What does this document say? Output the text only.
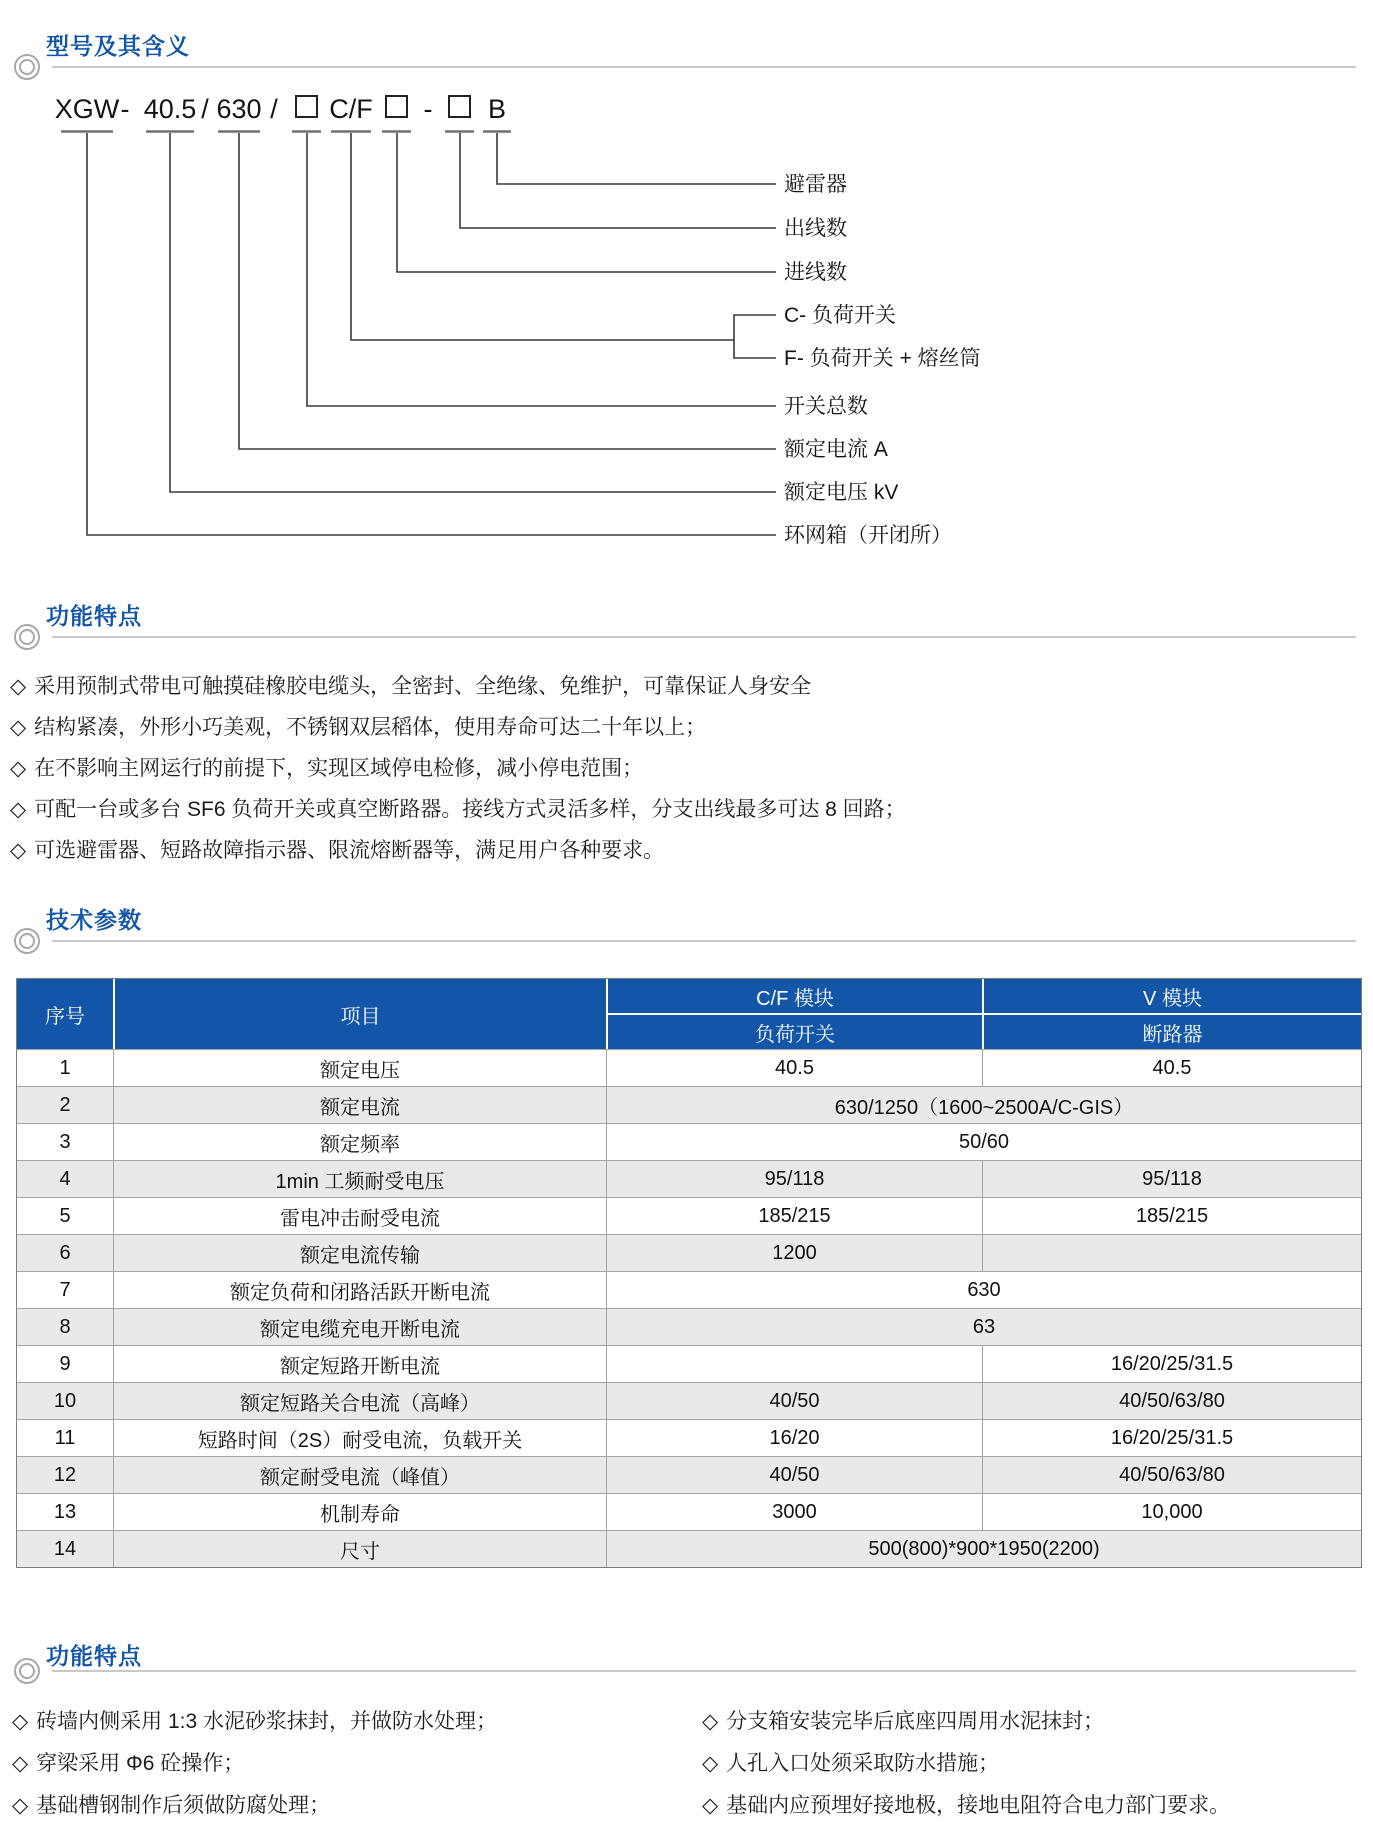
型号及其含义
XGW - 40.5 / 630 / C/F - B
避雷器
出线数
进线数
C- 负荷开关
F- 负荷开关 + 熔丝筒
开关总数
额定电流 A
额定电压 kV
环网箱（开闭所）
功能特点
◇ 采用预制式带电可触摸硅橡胶电缆头，全密封、全绝缘、免维护，可靠保证人身安全
◇ 结构紧凑，外形小巧美观，不锈钢双层稻体，使用寿命可达二十年以上；
◇ 在不影响主网运行的前提下，实现区域停电检修，减小停电范围；
◇ 可配一台或多台 SF6 负荷开关或真空断路器。接线方式灵活多样，分支出线最多可达 8 回路；
◇ 可选避雷器、短路故障指示器、限流熔断器等，满足用户各种要求。
技术参数
序号	项目	C/F 模块	V 模块
		负荷开关	断路器
1	额定电压	40.5	40.5
2	额定电流	630/1250（1600~2500A/C-GIS）	
3	额定频率	50/60	
4	1min 工频耐受电压	95/118	95/118
5	雷电冲击耐受电流	185/215	185/215
6	额定电流传输	1200	
7	额定负荷和闭路活跃开断电流	630	
8	额定电缆充电开断电流	63	
9	额定短路开断电流		16/20/25/31.5
10	额定短路关合电流（高峰）	40/50	40/50/63/80
11	短路时间（2S）耐受电流，负载开关	16/20	16/20/25/31.5
12	额定耐受电流（峰值）	40/50	40/50/63/80
13	机制寿命	3000	10,000
14	尺寸	500(800)*900*1950(2200)	
功能特点
◇ 砖墙内侧采用 1:3 水泥砂浆抹封，并做防水处理；
◇ 穿梁采用 Φ6 砼操作；
◇ 基础槽钢制作后须做防腐处理；
◇ 分支箱安装完毕后底座四周用水泥抹封；
◇ 人孔入口处须采取防水措施；
◇ 基础内应预埋好接地极，接地电阻符合电力部门要求。
